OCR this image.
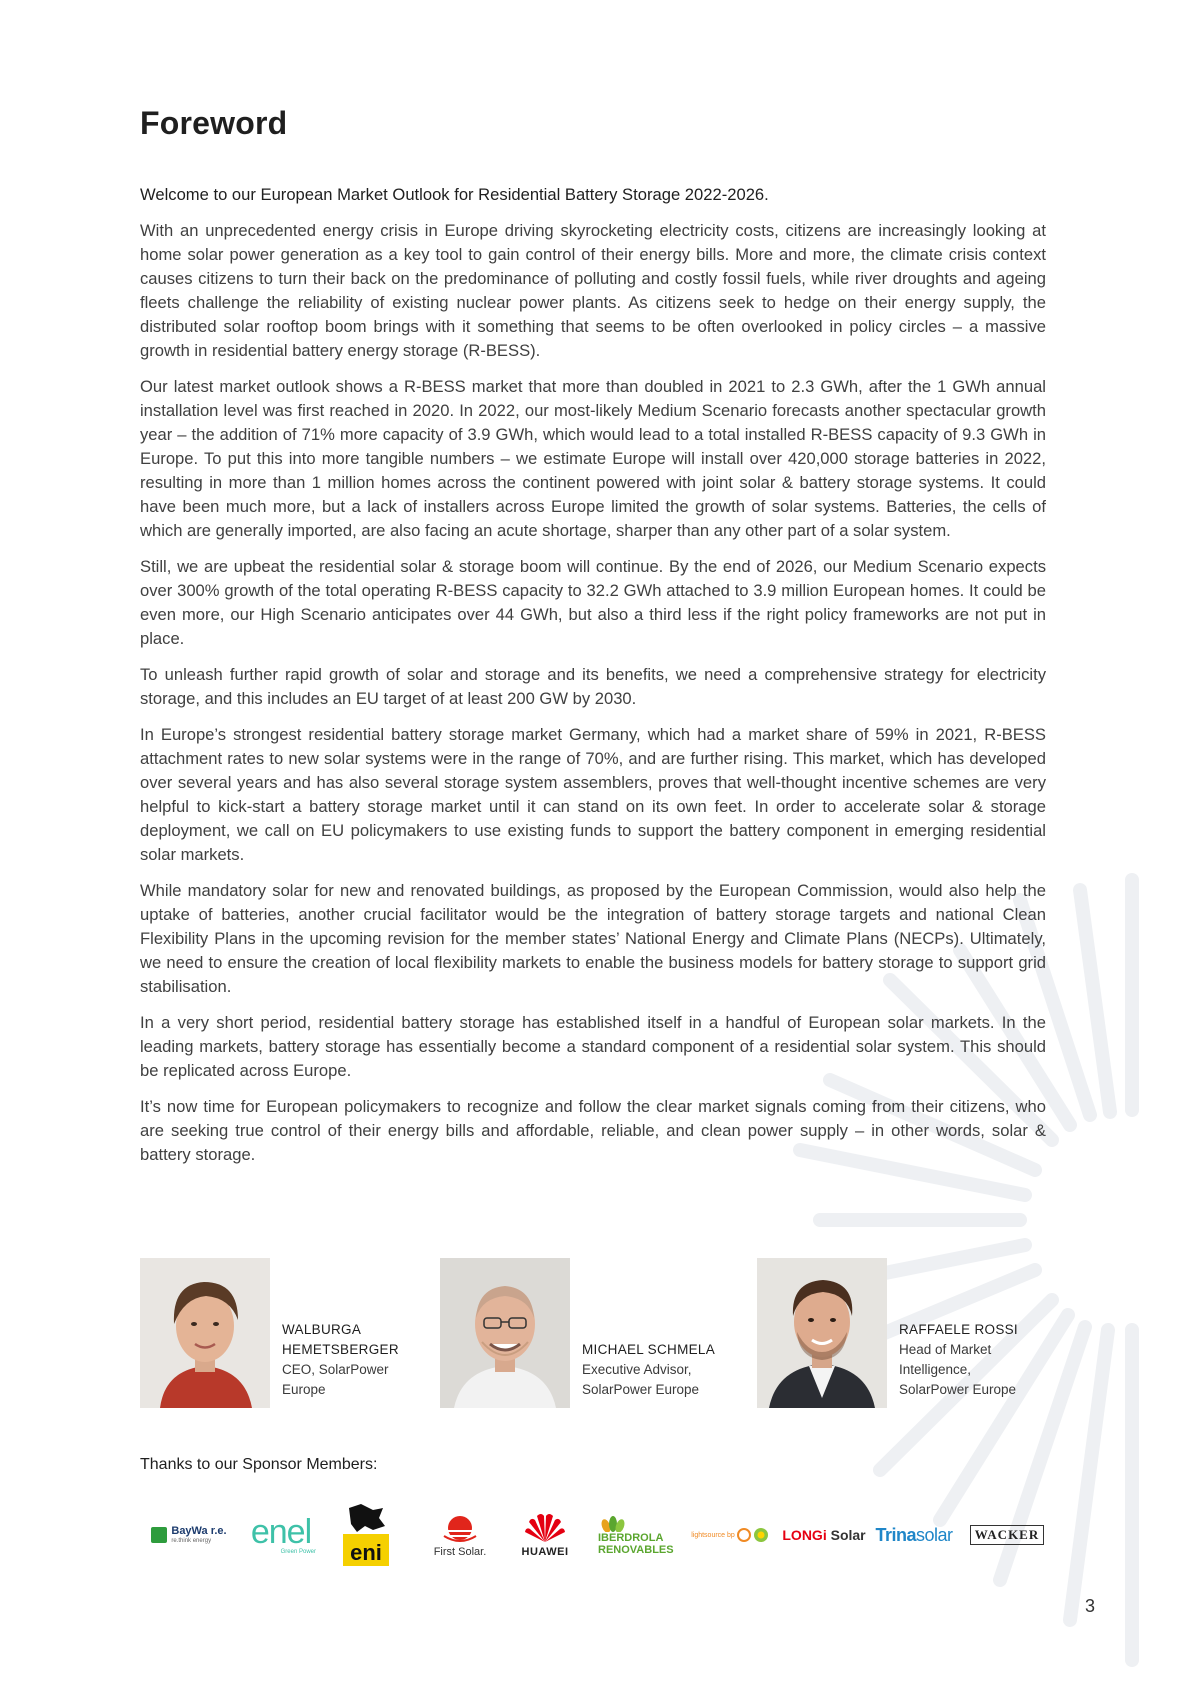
Foreword

Welcome to our European Market Outlook for Residential Battery Storage 2022-2026.

With an unprecedented energy crisis in Europe driving skyrocketing electricity costs, citizens are increasingly looking at home solar power generation as a key tool to gain control of their energy bills. More and more, the climate crisis context causes citizens to turn their back on the predominance of polluting and costly fossil fuels, while river droughts and ageing fleets challenge the reliability of existing nuclear power plants. As citizens seek to hedge on their energy supply, the distributed solar rooftop boom brings with it something that seems to be often overlooked in policy circles – a massive growth in residential battery energy storage (R-BESS).

Our latest market outlook shows a R-BESS market that more than doubled in 2021 to 2.3 GWh, after the 1 GWh annual installation level was first reached in 2020. In 2022, our most-likely Medium Scenario forecasts another spectacular growth year – the addition of 71% more capacity of 3.9 GWh, which would lead to a total installed R-BESS capacity of 9.3 GWh in Europe. To put this into more tangible numbers – we estimate Europe will install over 420,000 storage batteries in 2022, resulting in more than 1 million homes across the continent powered with joint solar & battery storage systems. It could have been much more, but a lack of installers across Europe limited the growth of solar systems. Batteries, the cells of which are generally imported, are also facing an acute shortage, sharper than any other part of a solar system.

Still, we are upbeat the residential solar & storage boom will continue. By the end of 2026, our Medium Scenario expects over 300% growth of the total operating R-BESS capacity to 32.2 GWh attached to 3.9 million European homes. It could be even more, our High Scenario anticipates over 44 GWh, but also a third less if the right policy frameworks are not put in place.

To unleash further rapid growth of solar and storage and its benefits, we need a comprehensive strategy for electricity storage, and this includes an EU target of at least 200 GW by 2030.

In Europe’s strongest residential battery storage market Germany, which had a market share of 59% in 2021, R-BESS attachment rates to new solar systems were in the range of 70%, and are further rising. This market, which has developed over several years and has also several storage system assemblers, proves that well-thought incentive schemes are very helpful to kick-start a battery storage market until it can stand on its own feet. In order to accelerate solar & storage deployment, we call on EU policymakers to use existing funds to support the battery component in emerging residential solar markets.

While mandatory solar for new and renovated buildings, as proposed by the European Commission, would also help the uptake of batteries, another crucial facilitator would be the integration of battery storage targets and national Clean Flexibility Plans in the upcoming revision for the member states’ National Energy and Climate Plans (NECPs). Ultimately, we need to ensure the creation of local flexibility markets to enable the business models for battery storage to support grid stabilisation.

In a very short period, residential battery storage has established itself in a handful of European solar markets. In the leading markets, battery storage has essentially become a standard component of a residential solar system. This should be replicated across Europe.

It’s now time for European policymakers to recognize and follow the clear market signals coming from their citizens, who are seeking true control of their energy bills and affordable, reliable, and clean power supply – in other words, solar & battery storage.

WALBURGA
HEMETSBERGER
CEO, SolarPower
Europe
MICHAEL SCHMELA
Executive Advisor,
SolarPower Europe
RAFFAELE ROSSI
Head of Market
Intelligence,
SolarPower Europe
Thanks to our Sponsor Members:
BayWa r.e.
re.think energy	enel
Green Power eni	First Solar.	HUAWEI
IBERDROLA
RENOVABLES
lightsource bp	LONGi Solar Trinasolar	WACKER
3
